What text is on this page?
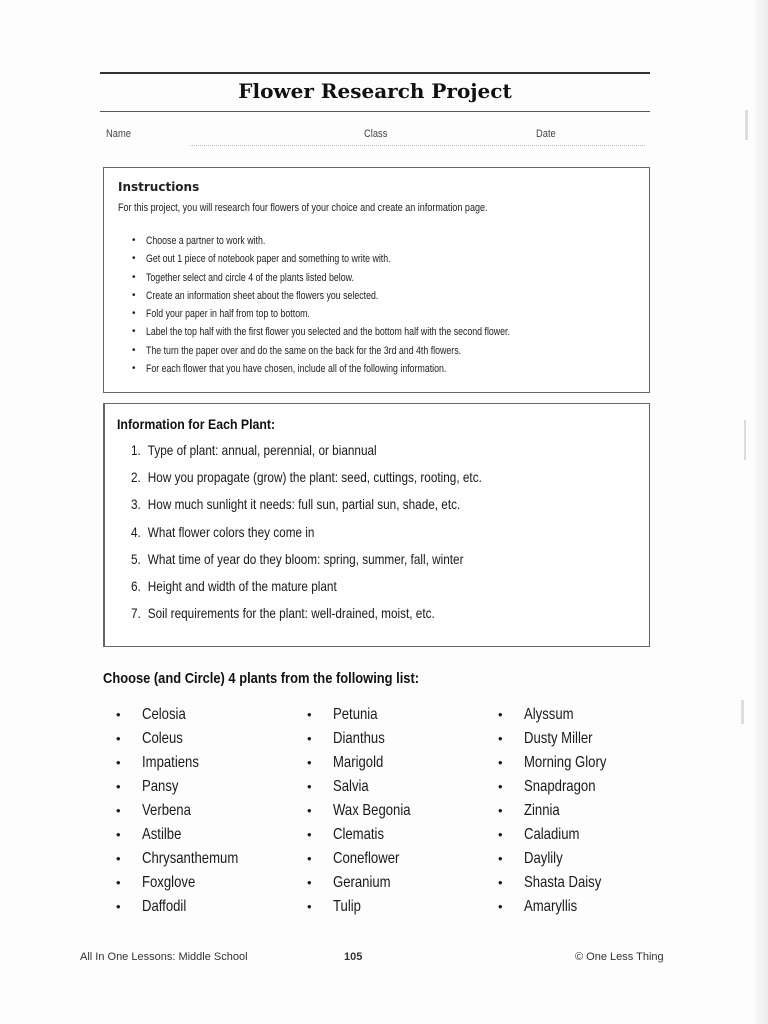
Flower Research Project
Name	Class	Date
Instructions
For this project, you will research four flowers of your choice and create an information page.
• Choose a partner to work with.
• Get out 1 piece of notebook paper and something to write with.
• Together select and circle 4 of the plants listed below.
• Create an information sheet about the flowers you selected.
• Fold your paper in half from top to bottom.
• Label the top half with the first flower you selected and the bottom half with the second flower.
• The turn the paper over and do the same on the back for the 3rd and 4th flowers.
• For each flower that you have chosen, include all of the following information.
Information for Each Plant:
1. Type of plant: annual, perennial, or biannual
2. How you propagate (grow) the plant: seed, cuttings, rooting, etc.
3. How much sunlight it needs: full sun, partial sun, shade, etc.
4. What flower colors they come in
5. What time of year do they bloom: spring, summer, fall, winter
6. Height and width of the mature plant
7. Soil requirements for the plant: well-drained, moist, etc.
Choose (and Circle) 4 plants from the following list:
• Celosia
• Coleus
• Impatiens
• Pansy
• Verbena
• Astilbe
• Chrysanthemum
• Foxglove
• Daffodil
• Petunia
• Dianthus
• Marigold
• Salvia
• Wax Begonia
• Clematis
• Coneflower
• Geranium
• Tulip
• Alyssum
• Dusty Miller
• Morning Glory
• Snapdragon
• Zinnia
• Caladium
• Daylily
• Shasta Daisy
• Amaryllis
All In One Lessons: Middle School	105	© One Less Thing
